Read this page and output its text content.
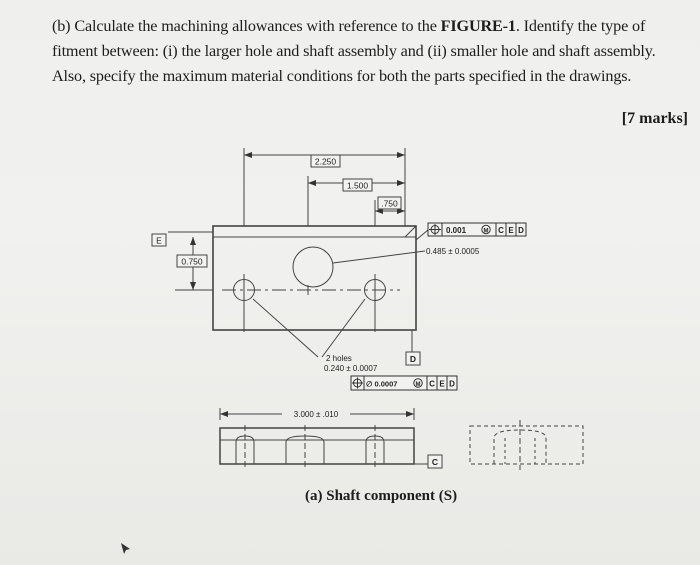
(b) Calculate the machining allowances with reference to the FIGURE-1. Identify the type of

fitment between: (i) the larger hole and shaft assembly and (ii) smaller hole and shaft assembly.

Also, specify the maximum material conditions for both the parts specified in the drawings.

[7 marks]
2.250
1.500
.750
E
0.750
D
C
0.001	M C E D
0.485 ± 0.0005
2 holes
0.240 ± 0.0007
∅ 0.0007	M C E D
3.000 ± .010
(a) Shaft component (S)
